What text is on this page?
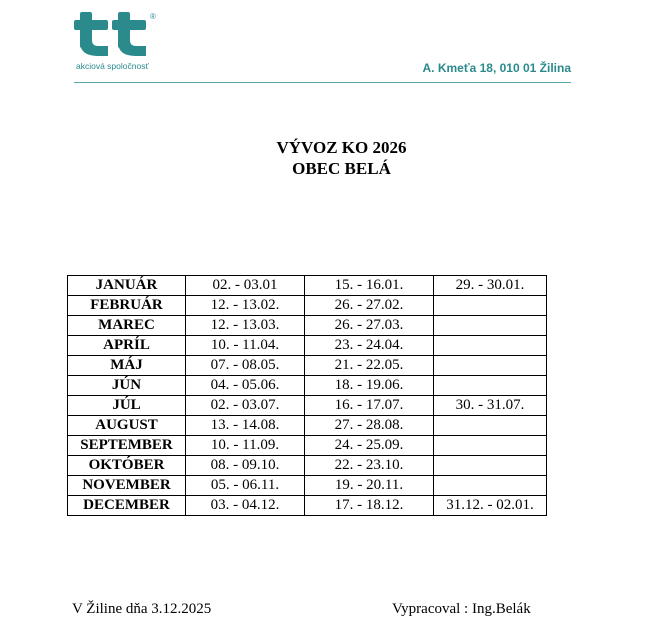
®
akciová spoločnosť	A. Kmeťa 18, 010 01 Žilina
VÝVOZ KO 2026
OBEC BELÁ
JANUÁR	02. - 03.01	15. - 16.01.	29. - 30.01.
FEBRUÁR	12. - 13.02.	26. - 27.02.	
MAREC	12. - 13.03.	26. - 27.03.	
APRÍL	10. - 11.04.	23. - 24.04.	
MÁJ	07. - 08.05.	21. - 22.05.	
JÚN	04. - 05.06.	18. - 19.06.	
JÚL	02. - 03.07.	16. - 17.07.	30. - 31.07.
AUGUST	13. - 14.08.	27. - 28.08.	
SEPTEMBER	10. - 11.09.	24. - 25.09.	
OKTÓBER	08. - 09.10.	22. - 23.10.	
NOVEMBER	05. - 06.11.	19. - 20.11.	
DECEMBER	03. - 04.12.	17. - 18.12.	31.12. - 02.01.
V Žiline dňa 3.12.2025	Vypracoval : Ing.Belák
